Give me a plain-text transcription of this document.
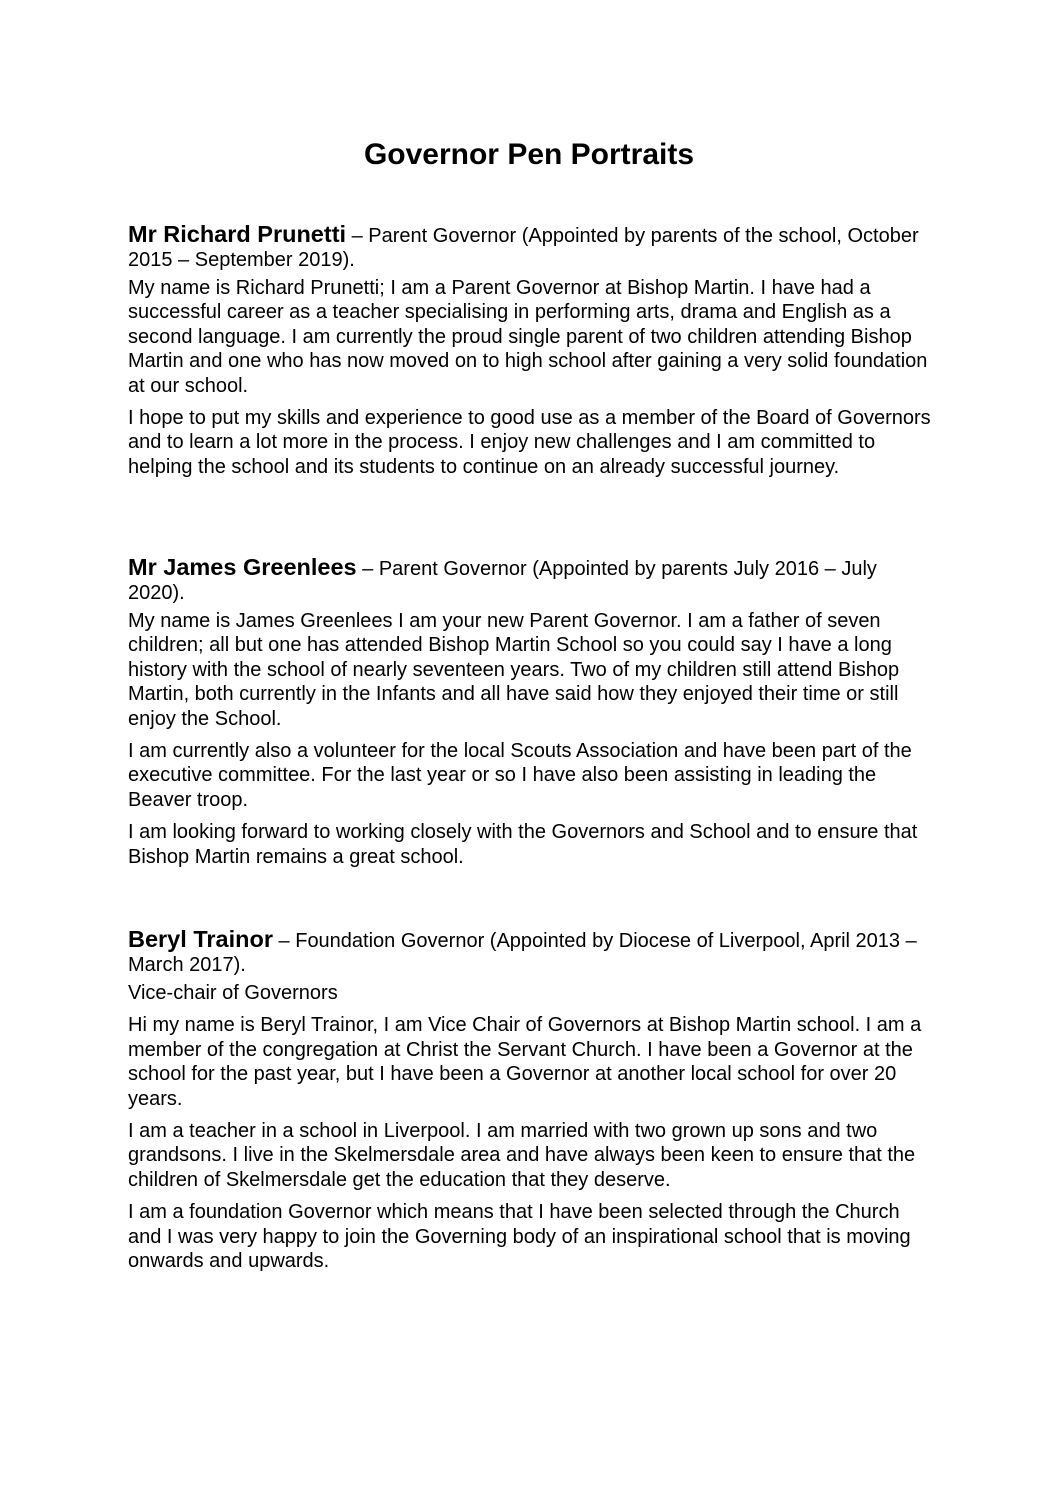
Governor Pen Portraits

Mr Richard Prunetti – Parent Governor (Appointed by parents of the school, October 2015 – September 2019).

My name is Richard Prunetti; I am a Parent Governor at Bishop Martin. I have had a successful career as a teacher specialising in performing arts, drama and English as a second language. I am currently the proud single parent of two children attending Bishop Martin and one who has now moved on to high school after gaining a very solid foundation at our school.

I hope to put my skills and experience to good use as a member of the Board of Governors and to learn a lot more in the process. I enjoy new challenges and I am committed to helping the school and its students to continue on an already successful journey.

Mr James Greenlees – Parent Governor (Appointed by parents July 2016 – July 2020).

My name is James Greenlees I am your new Parent Governor. I am a father of seven children; all but one has attended Bishop Martin School so you could say I have a long history with the school of nearly seventeen years. Two of my children still attend Bishop Martin, both currently in the Infants and all have said how they enjoyed their time or still enjoy the School.

I am currently also a volunteer for the local Scouts Association and have been part of the executive committee. For the last year or so I have also been assisting in leading the Beaver troop.

I am looking forward to working closely with the Governors and School and to ensure that Bishop Martin remains a great school.

Beryl Trainor – Foundation Governor (Appointed by Diocese of Liverpool, April 2013 – March 2017).

Vice-chair of Governors

Hi my name is Beryl Trainor, I am Vice Chair of Governors at Bishop Martin school. I am a member of the congregation at Christ the Servant Church. I have been a Governor at the school for the past year, but I have been a Governor at another local school for over 20 years.

I am a teacher in a school in Liverpool. I am married with two grown up sons and two grandsons. I live in the Skelmersdale area and have always been keen to ensure that the children of Skelmersdale get the education that they deserve.

I am a foundation Governor which means that I have been selected through the Church and I was very happy to join the Governing body of an inspirational school that is moving onwards and upwards.
